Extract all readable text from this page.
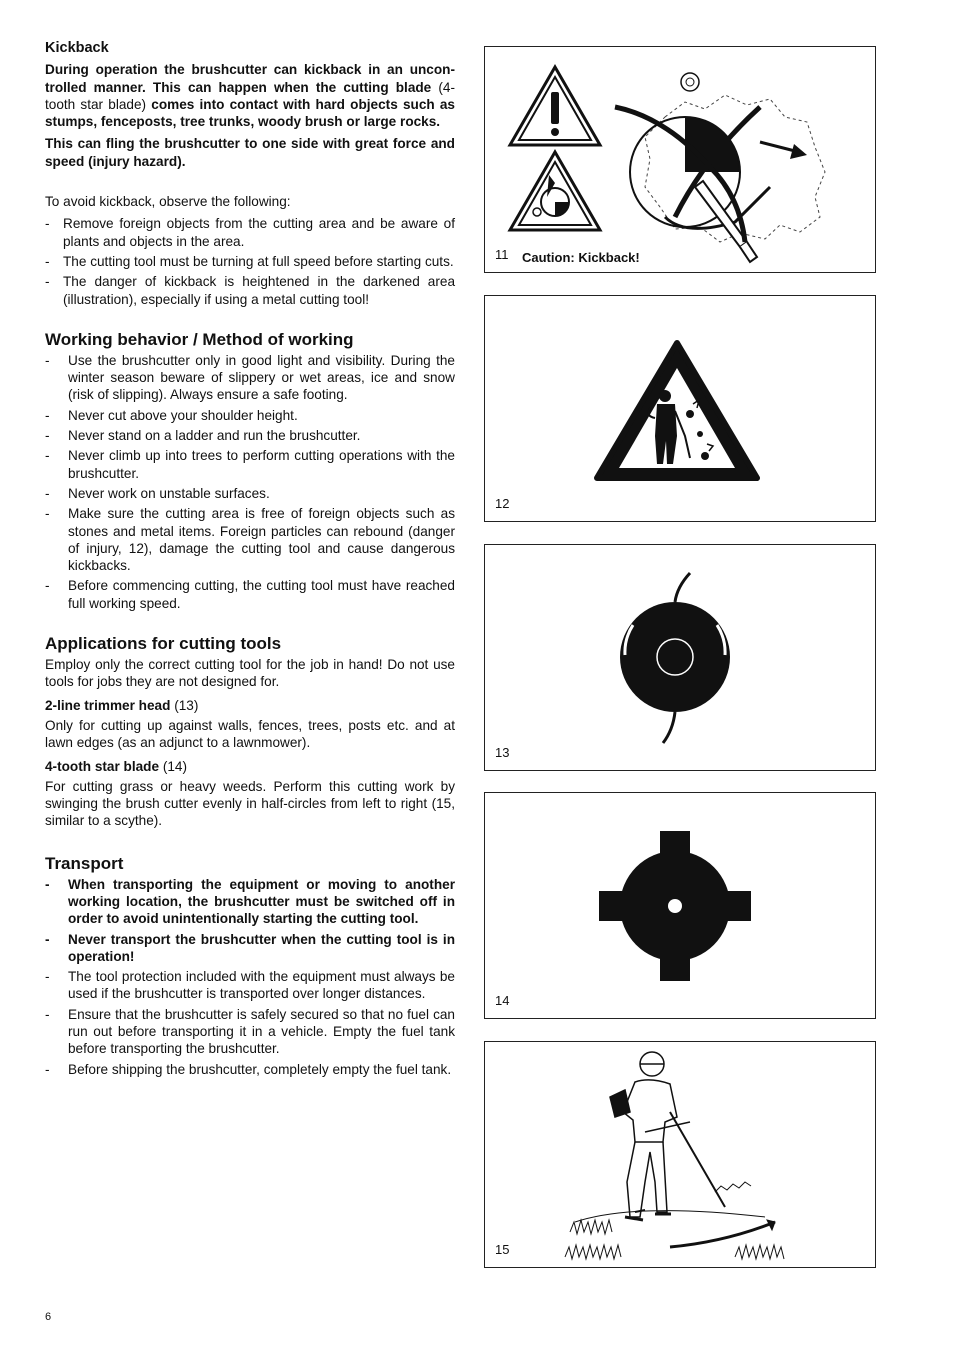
Kickback

During operation the brushcutter can kickback in an uncon-trolled manner. This can happen when the cutting blade (4-tooth star blade) comes into contact with hard objects such as stumps, fenceposts, tree trunks, woody brush or large rocks.

This can fling the brushcutter to one side with great force and speed (injury hazard).

To avoid kickback, observe the following:

- Remove foreign objects from the cutting area and be aware of plants and objects in the area.
- The cutting tool must be turning at full speed before starting cuts.
- The danger of kickback is heightened in the darkened area (illustration), especially if using a metal cutting tool!
Working behavior / Method of working
- Use the brushcutter only in good light and visibility. During the winter season beware of slippery or wet areas, ice and snow (risk of slipping). Always ensure a safe footing.
- Never cut above your shoulder height.
- Never stand on a ladder and run the brushcutter.
- Never climb up into trees to perform cutting operations with the brushcutter.
- Never work on unstable surfaces.
- Make sure the cutting area is free of foreign objects such as stones and metal items. Foreign particles can rebound (danger of injury, 12), damage the cutting tool and cause dangerous kickbacks.
- Before commencing cutting, the cutting tool must have reached full working speed.
Applications for cutting tools

Employ only the correct cutting tool for the job in hand! Do not use tools for jobs they are not designed for.

2-line trimmer head (13)

Only for cutting up against walls, fences, trees, posts etc. and at lawn edges (as an adjunct to a lawnmower).

4-tooth star blade (14)

For cutting grass or heavy weeds. Perform this cutting work by swinging the brush cutter evenly in half-circles from left to right (15, similar to a scythe).

Transport
- When transporting the equipment or moving to another working location, the brushcutter must be switched off in order to avoid unintentionally starting the cutting tool.
- Never transport the brushcutter when the cutting tool is in operation!
- The tool protection included with the equipment must always be used if the brushcutter is transported over longer distances.
- Ensure that the brushcutter is safely secured so that no fuel can run out before transporting it in a vehicle. Empty the fuel tank before transporting the brushcutter.
- Before shipping the brushcutter, completely empty the fuel tank.
11 Caution: Kickback!
12
13
14
15
6
